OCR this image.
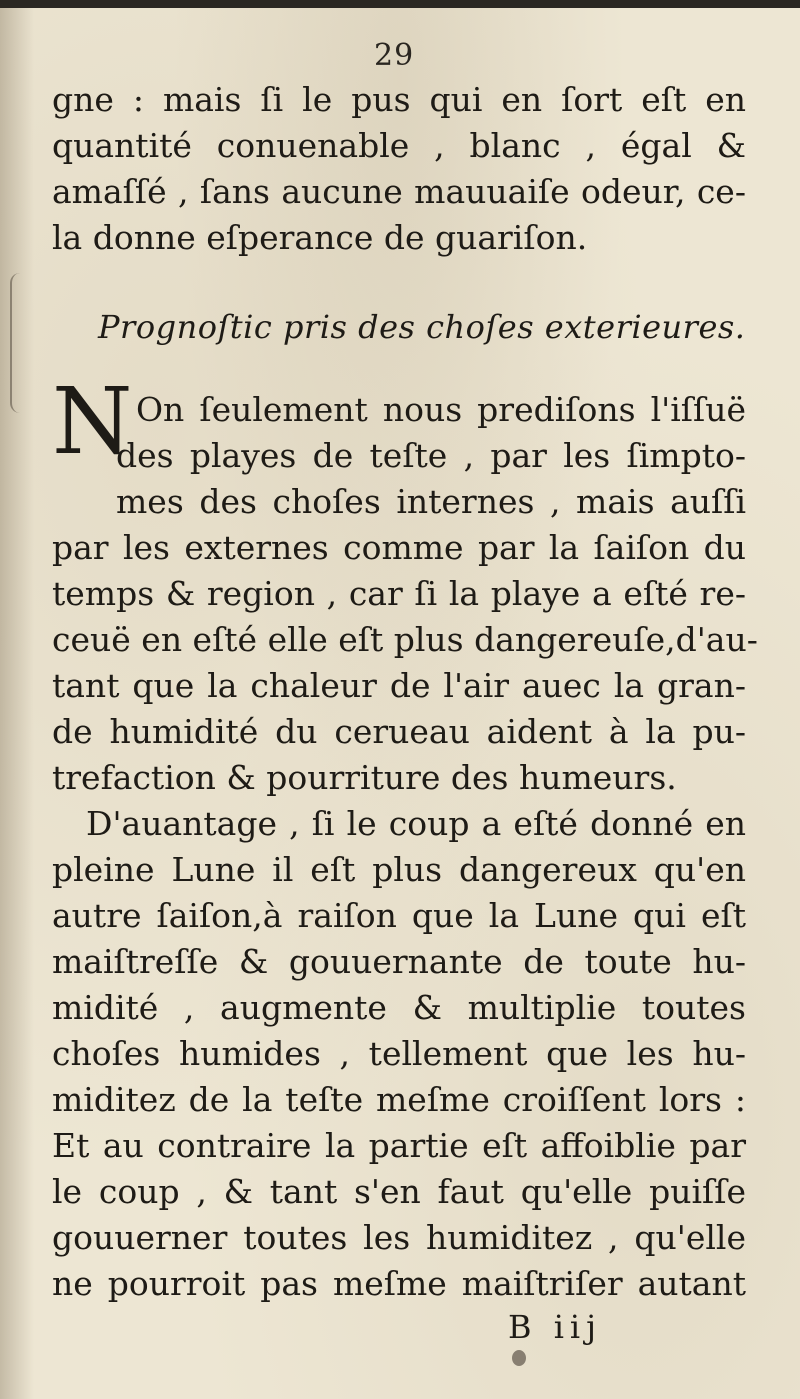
29
gne : mais ſi le pus qui en ſort eſt en
quantité conuenable , blanc , égal &
amaſſé , ſans aucune mauuaiſe odeur, ce-
la donne eſperance de guariſon.
Prognoſtic pris des choſes exterieures.
N On ſeulement nous prediſons l'iſſuë
des playes de teſte , par les ſimpto-
mes des choſes internes , mais auſſi
par les externes comme par la ſaiſon du
temps & region , car ſi la playe a eſté re-
ceuë en eſté elle eſt plus dangereuſe,d'au-
tant que la chaleur de l'air auec la gran-
de humidité du cerueau aident à la pu-
trefaction & pourriture des humeurs.
D'auantage , ſi le coup a eſté donné en
pleine Lune il eſt plus dangereux qu'en
autre ſaiſon,à raiſon que la Lune qui eſt
maiſtreſſe & gouuernante de toute hu-
midité , augmente & multiplie toutes
choſes humides , tellement que les hu-
miditez de la teſte meſme croiſſent lors :
Et au contraire la partie eſt affoiblie par
le coup , & tant s'en faut qu'elle puiſſe
gouuerner toutes les humiditez , qu'elle
ne pourroit pas meſme maiſtriſer autant
B iij
